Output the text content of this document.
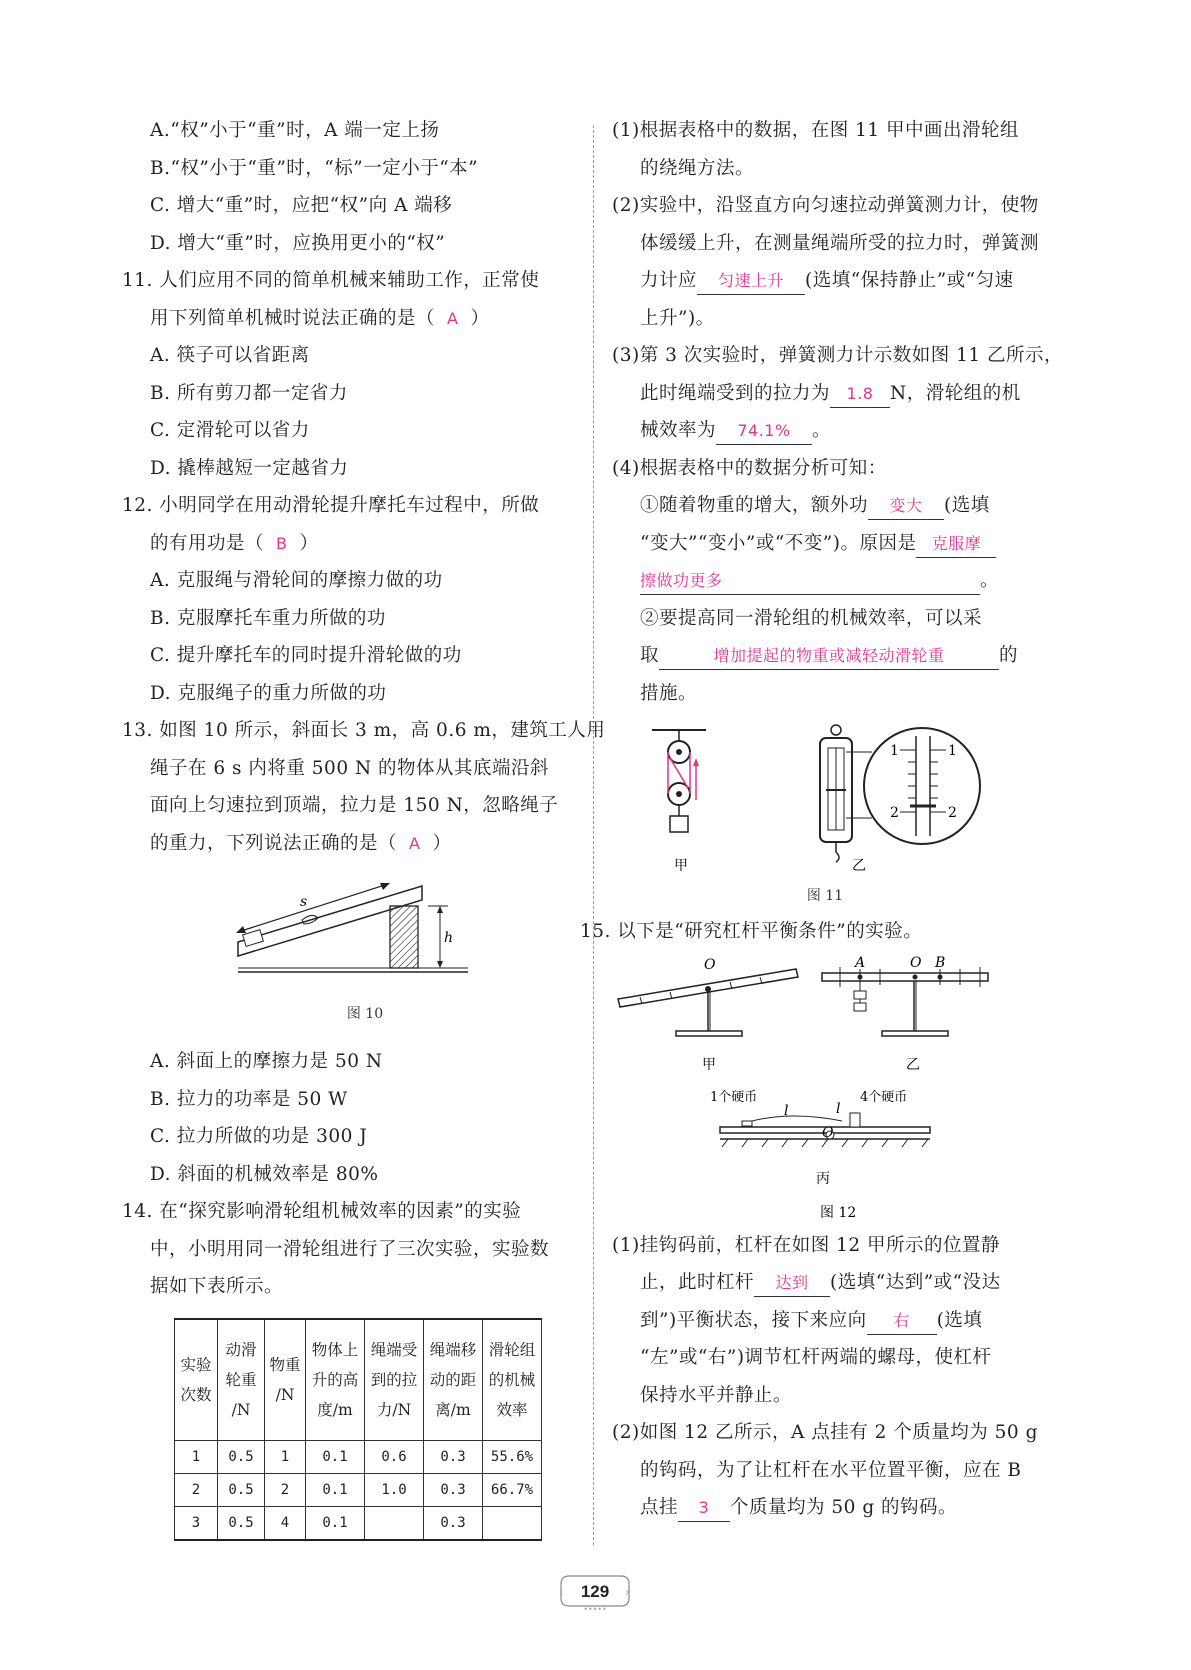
A.“权”小于“重”时，A 端一定上扬
B.“权”小于“重”时，“标”一定小于“本”
C. 增大“重”时，应把“权”向 A 端移
D. 增大“重”时，应换用更小的“权”
11. 人们应用不同的简单机械来辅助工作，正常使
用下列简单机械时说法正确的是（ A ）
A. 筷子可以省距离
B. 所有剪刀都一定省力
C. 定滑轮可以省力
D. 撬棒越短一定越省力
12. 小明同学在用动滑轮提升摩托车过程中，所做
的有用功是（ B ）
A. 克服绳与滑轮间的摩擦力做的功
B. 克服摩托车重力所做的功
C. 提升摩托车的同时提升滑轮做的功
D. 克服绳子的重力所做的功
13. 如图 10 所示，斜面长 3 m，高 0.6 m，建筑工人用
绳子在 6 s 内将重 500 N 的物体从其底端沿斜
面向上匀速拉到顶端，拉力是 150 N，忽略绳子
的重力，下列说法正确的是（ A ）
s
h
图 10
A. 斜面上的摩擦力是 50 N
B. 拉力的功率是 50 W
C. 拉力所做的功是 300 J
D. 斜面的机械效率是 80%
14. 在“探究影响滑轮组机械效率的因素”的实验
中，小明用同一滑轮组进行了三次实验，实验数
据如下表所示。
实验
次数	动滑
轮重
/N	物重
/N	物体上
升的高
度/m	绳端受
到的拉
力/N	绳端移
动的距
离/m	滑轮组
的机械
效率
1	0.5	1	0.1	0.6	0.3	55.6%
2	0.5	2	0.1	1.0	0.3	66.7%
3	0.5	4	0.1		0.3	
(1)根据表格中的数据，在图 11 甲中画出滑轮组
的绕绳方法。
(2)实验中，沿竖直方向匀速拉动弹簧测力计，使物
体缓缓上升，在测量绳端所受的拉力时，弹簧测
力计应 匀速上升 (选填“保持静止”或“匀速
上升”)。
(3)第 3 次实验时，弹簧测力计示数如图 11 乙所示，
此时绳端受到的拉力为 1.8 N，滑轮组的机
械效率为 74.1% 。
(4)根据表格中的数据分析可知：
①随着物重的增大，额外功 变大 (选填
“变大”“变小”或“不变”)。原因是 克服摩
擦做功更多	。
②要提高同一滑轮组的机械效率，可以采
取	增加提起的物重或减轻动滑轮重	的
措施。
甲
1	1
2	2
乙
图 11
15. 以下是“研究杠杆平衡条件”的实验。
O
甲
A	O B
乙
1个硬币	4个硬币
l	l
O
丙
图 12
(1)挂钩码前，杠杆在如图 12 甲所示的位置静
止，此时杠杆 达到 (选填“达到”或“没达
到”)平衡状态，接下来应向 右 (选填
“左”或“右”)调节杠杆两端的螺母，使杠杆
保持水平并静止。
(2)如图 12 乙所示，A 点挂有 2 个质量均为 50 g
的钩码，为了让杠杆在水平位置平衡，应在 B
点挂 3 个质量均为 50 g 的钩码。
‹	›
•••••
129
